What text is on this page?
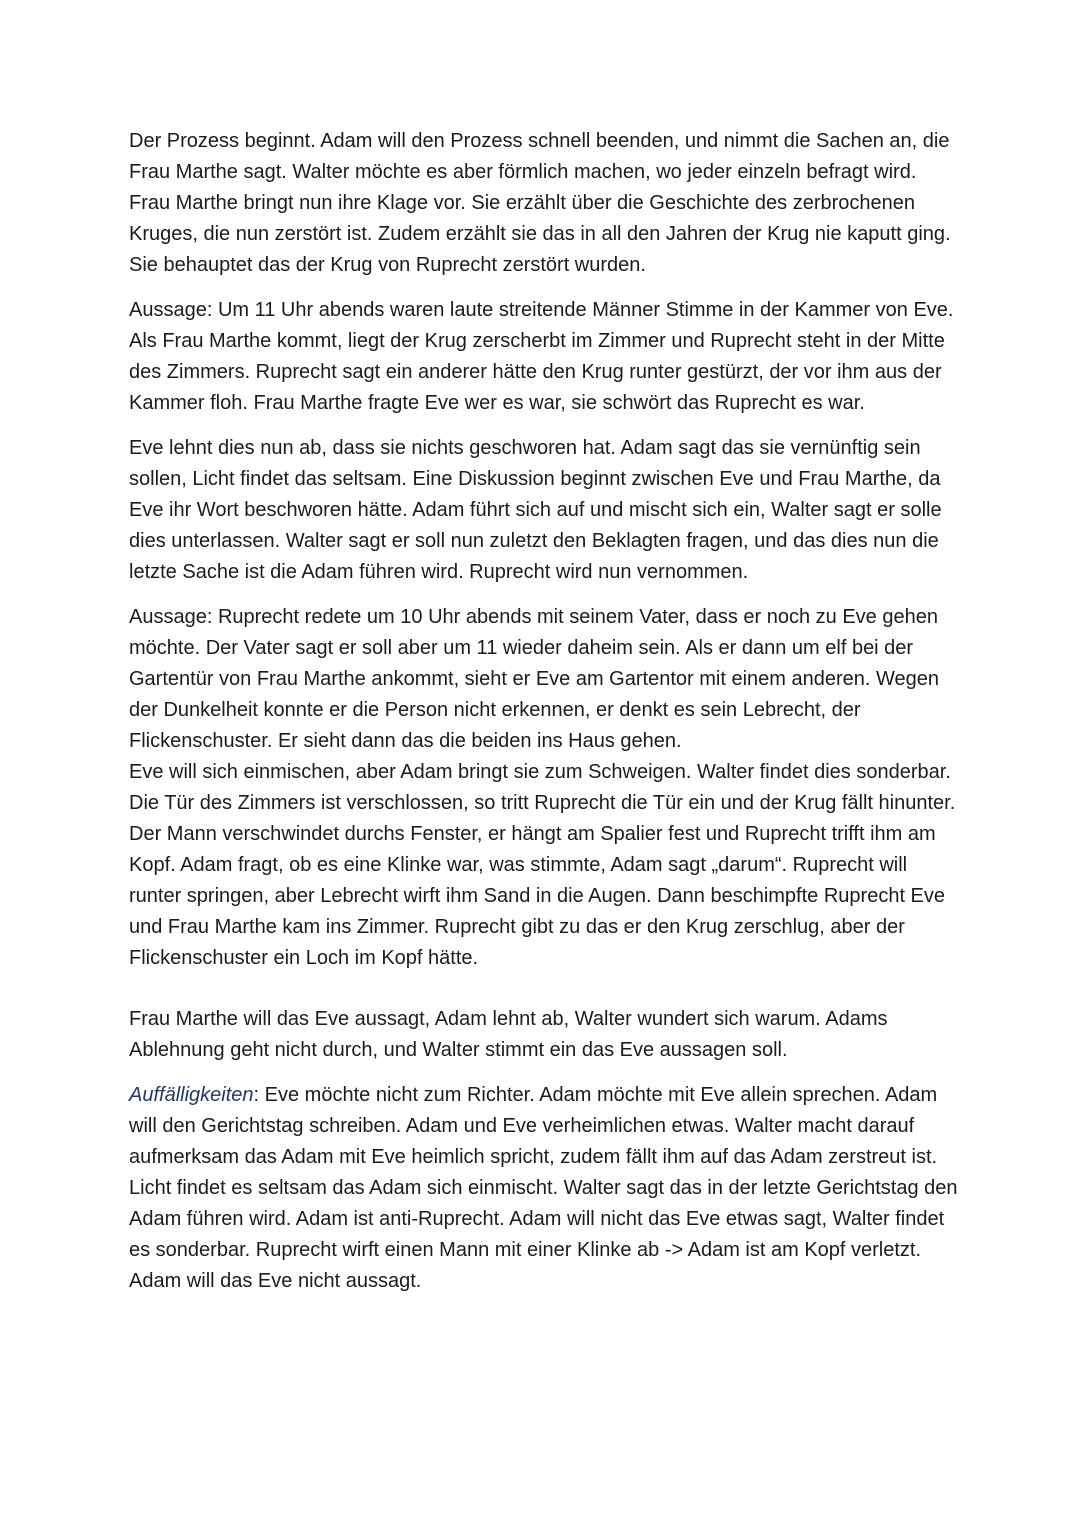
Der Prozess beginnt. Adam will den Prozess schnell beenden, und nimmt die Sachen an, die Frau Marthe sagt. Walter möchte es aber förmlich machen, wo jeder einzeln befragt wird. Frau Marthe bringt nun ihre Klage vor. Sie erzählt über die Geschichte des zerbrochenen Kruges, die nun zerstört ist. Zudem erzählt sie das in all den Jahren der Krug nie kaputt ging. Sie behauptet das der Krug von Ruprecht zerstört wurden.

Aussage: Um 11 Uhr abends waren laute streitende Männer Stimme in der Kammer von Eve. Als Frau Marthe kommt, liegt der Krug zerscherbt im Zimmer und Ruprecht steht in der Mitte des Zimmers. Ruprecht sagt ein anderer hätte den Krug runter gestürzt, der vor ihm aus der Kammer floh. Frau Marthe fragte Eve wer es war, sie schwört das Ruprecht es war.

Eve lehnt dies nun ab, dass sie nichts geschworen hat. Adam sagt das sie vernünftig sein sollen, Licht findet das seltsam. Eine Diskussion beginnt zwischen Eve und Frau Marthe, da Eve ihr Wort beschworen hätte. Adam führt sich auf und mischt sich ein, Walter sagt er solle dies unterlassen. Walter sagt er soll nun zuletzt den Beklagten fragen, und das dies nun die letzte Sache ist die Adam führen wird. Ruprecht wird nun vernommen.

Aussage: Ruprecht redete um 10 Uhr abends mit seinem Vater, dass er noch zu Eve gehen möchte. Der Vater sagt er soll aber um 11 wieder daheim sein. Als er dann um elf bei der Gartentür von Frau Marthe ankommt, sieht er Eve am Gartentor mit einem anderen. Wegen der Dunkelheit konnte er die Person nicht erkennen, er denkt es sein Lebrecht, der Flickenschuster. Er sieht dann das die beiden ins Haus gehen.

Eve will sich einmischen, aber Adam bringt sie zum Schweigen. Walter findet dies sonderbar. Die Tür des Zimmers ist verschlossen, so tritt Ruprecht die Tür ein und der Krug fällt hinunter. Der Mann verschwindet durchs Fenster, er hängt am Spalier fest und Ruprecht trifft ihm am Kopf. Adam fragt, ob es eine Klinke war, was stimmte, Adam sagt „darum“. Ruprecht will runter springen, aber Lebrecht wirft ihm Sand in die Augen. Dann beschimpfte Ruprecht Eve und Frau Marthe kam ins Zimmer. Ruprecht gibt zu das er den Krug zerschlug, aber der Flickenschuster ein Loch im Kopf hätte.

Frau Marthe will das Eve aussagt, Adam lehnt ab, Walter wundert sich warum. Adams Ablehnung geht nicht durch, und Walter stimmt ein das Eve aussagen soll.

Auffälligkeiten: Eve möchte nicht zum Richter. Adam möchte mit Eve allein sprechen. Adam will den Gerichtstag schreiben. Adam und Eve verheimlichen etwas. Walter macht darauf aufmerksam das Adam mit Eve heimlich spricht, zudem fällt ihm auf das Adam zerstreut ist. Licht findet es seltsam das Adam sich einmischt. Walter sagt das in der letzte Gerichtstag den Adam führen wird. Adam ist anti-Ruprecht. Adam will nicht das Eve etwas sagt, Walter findet es sonderbar. Ruprecht wirft einen Mann mit einer Klinke ab -> Adam ist am Kopf verletzt. Adam will das Eve nicht aussagt.
